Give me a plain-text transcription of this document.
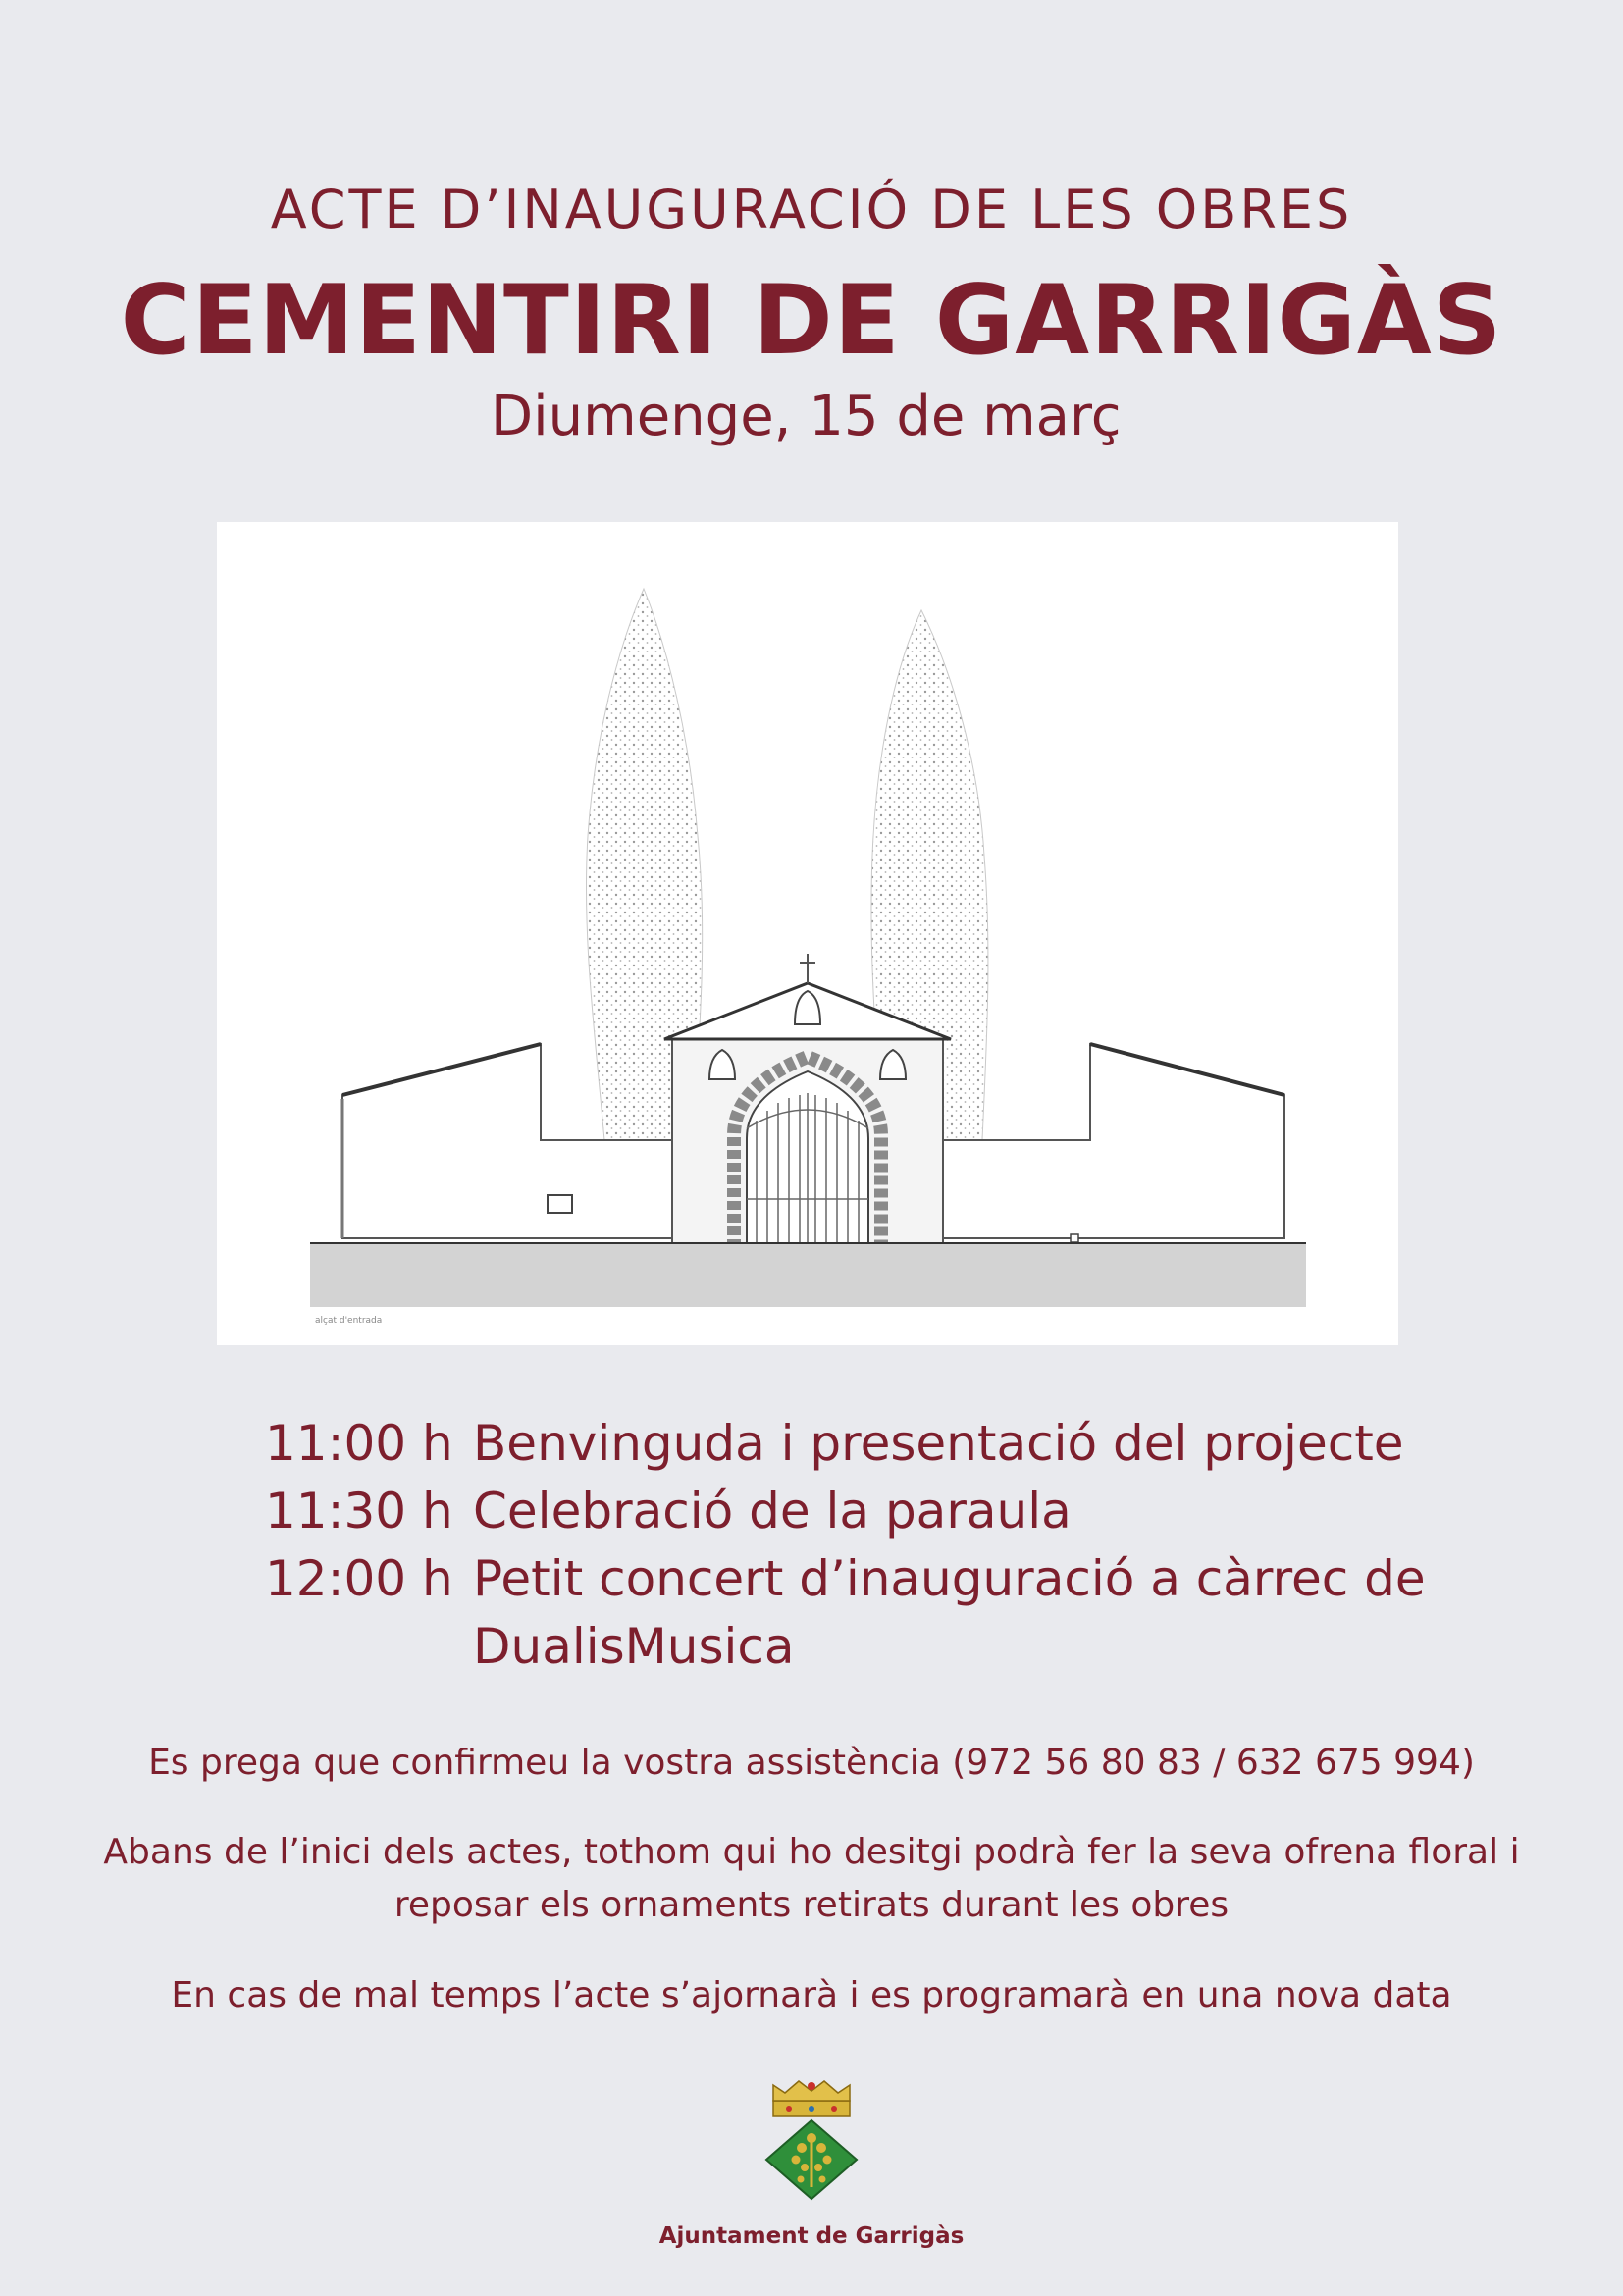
ACTE D’INAUGURACIÓ DE LES OBRES
CEMENTIRI DE GARRIGÀS

Diumenge, 15 de març

alçat d'entrada
11:00 h Benvinguda i presentació del projecte
11:30 h Celebració de la paraula
12:00 h Petit concert d’inauguració a càrrec de DualisMusica

Es prega que confirmeu la vostra assistència (972 56 80 83 / 632 675 994)

Abans de l’inici dels actes, tothom qui ho desitgi podrà fer la seva ofrena floral i
reposar els ornaments retirats durant les obres

En cas de mal temps l’acte s’ajornarà i es programarà en una nova data

Ajuntament de Garrigàs
